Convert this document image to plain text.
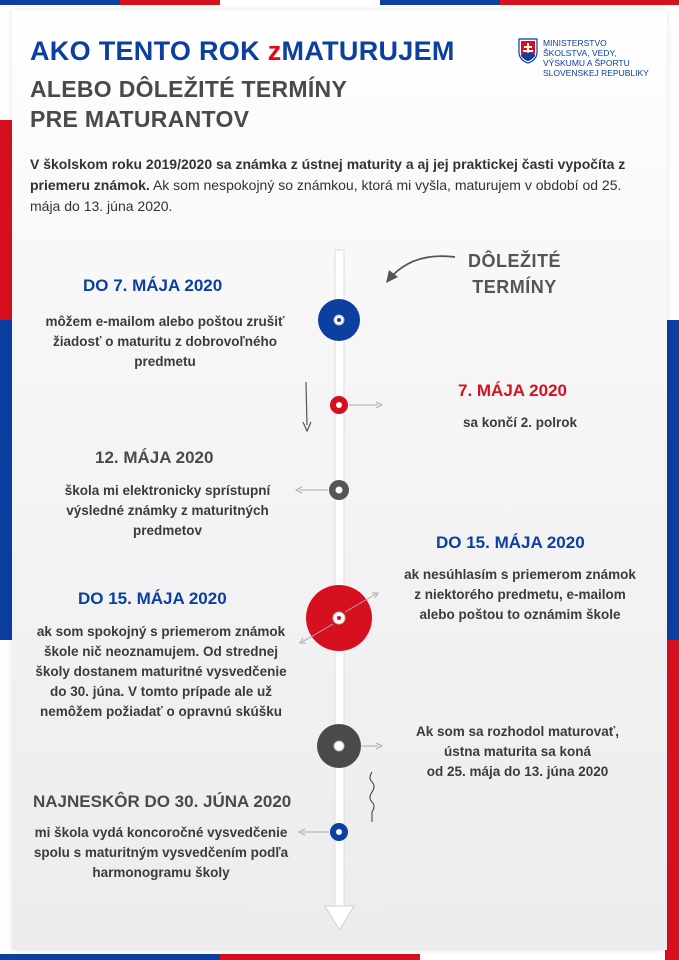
AKO TENTO ROK zMATURUJEM
ALEBO DÔLEŽITÉ TERMÍNY
PRE MATURANTOV
MINISTERSTVO
ŠKOLSTVA, VEDY,
VÝSKUMU A ŠPORTU
SLOVENSKEJ REPUBLIKY
V školskom roku 2019/2020 sa známka z ústnej maturity a aj jej praktickej časti vypočíta z priemeru známok. Ak som nespokojný so známkou, ktorá mi vyšla, maturujem v období od 25. mája do 13. júna 2020.
DÔLEŽITÉ
TERMÍNY
DO 7. MÁJA 2020
môžem e-mailom alebo poštou zrušiť
žiadosť o maturitu z dobrovoľného
predmetu
7. MÁJA 2020
sa končí 2. polrok
12. MÁJA 2020
škola mi elektronicky sprístupní
výsledné známky z maturitných
predmetov
DO 15. MÁJA 2020
ak nesúhlasím s priemerom známok
z niektorého predmetu, e-mailom
alebo poštou to oznámim škole
DO 15. MÁJA 2020
ak som spokojný s priemerom známok
škole nič neoznamujem. Od strednej
školy dostanem maturitné vysvedčenie
do 30. júna. V tomto prípade ale už
nemôžem požiadať o opravnú skúšku
Ak som sa rozhodol maturovať,
ústna maturita sa koná
od 25. mája do 13. júna 2020
NAJNESKÔR DO 30. JÚNA 2020
mi škola vydá koncoročné vysvedčenie
spolu s maturitným vysvedčením podľa
harmonogramu školy
